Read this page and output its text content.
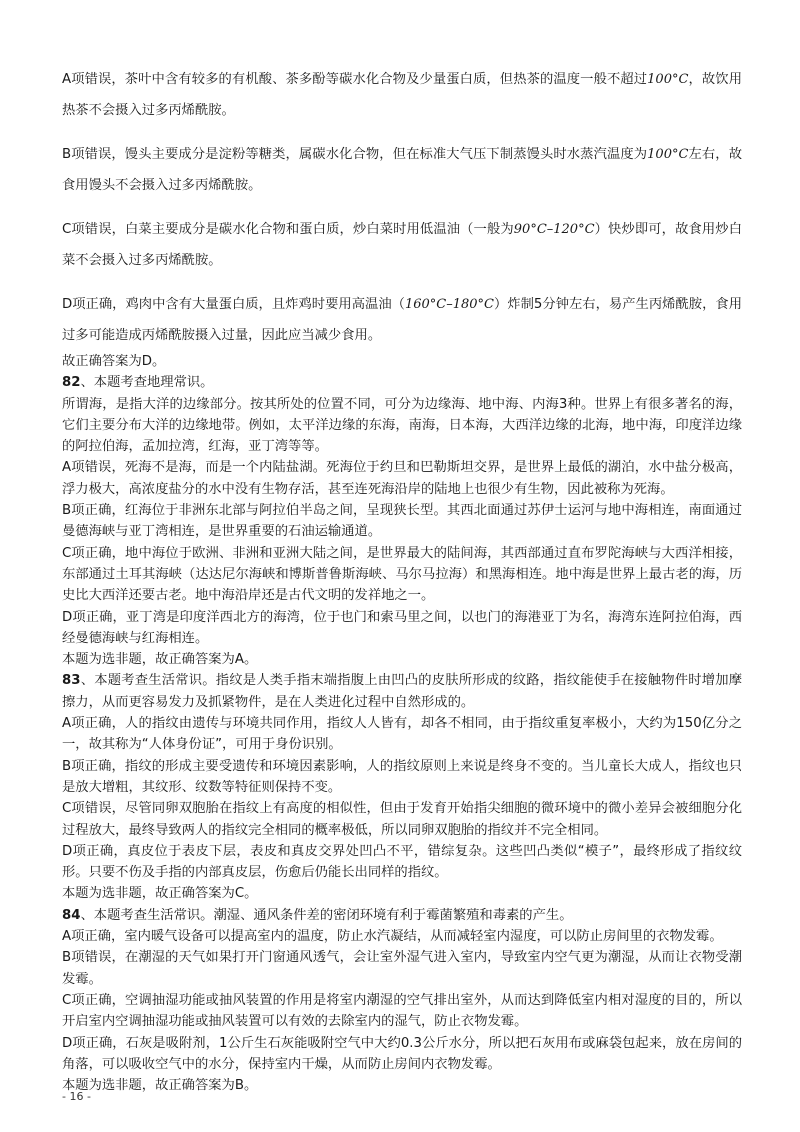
A项错误，茶叶中含有较多的有机酸、茶多酚等碳水化合物及少量蛋白质，但热茶的温度一般不超过100°C，故饮用热茶不会摄入过多丙烯酰胺。

B项错误，馒头主要成分是淀粉等糖类，属碳水化合物，但在标准大气压下制蒸馒头时水蒸汽温度为100°C左右，故食用馒头不会摄入过多丙烯酰胺。

C项错误，白菜主要成分是碳水化合物和蛋白质，炒白菜时用低温油（一般为90°C–120°C）快炒即可，故食用炒白菜不会摄入过多丙烯酰胺。

D项正确，鸡肉中含有大量蛋白质，且炸鸡时要用高温油（160°C–180°C）炸制5分钟左右，易产生丙烯酰胺，食用过多可能造成丙烯酰胺摄入过量，因此应当减少食用。

故正确答案为D。

82、本题考查地理常识。

所谓海，是指大洋的边缘部分。按其所处的位置不同，可分为边缘海、地中海、内海3种。世界上有很多著名的海，它们主要分布大洋的边缘地带。例如，太平洋边缘的东海，南海，日本海，大西洋边缘的北海，地中海，印度洋边缘的阿拉伯海，孟加拉湾，红海，亚丁湾等等。

A项错误，死海不是海，而是一个内陆盐湖。死海位于约旦和巴勒斯坦交界，是世界上最低的湖泊，水中盐分极高，浮力极大，高浓度盐分的水中没有生物存活，甚至连死海沿岸的陆地上也很少有生物，因此被称为死海。

B项正确，红海位于非洲东北部与阿拉伯半岛之间，呈现狭长型。其西北面通过苏伊士运河与地中海相连，南面通过曼德海峡与亚丁湾相连，是世界重要的石油运输通道。

C项正确，地中海位于欧洲、非洲和亚洲大陆之间，是世界最大的陆间海，其西部通过直布罗陀海峡与大西洋相接，东部通过土耳其海峡（达达尼尔海峡和博斯普鲁斯海峡、马尔马拉海）和黑海相连。地中海是世界上最古老的海，历史比大西洋还要古老。地中海沿岸还是古代文明的发祥地之一。

D项正确，亚丁湾是印度洋西北方的海湾，位于也门和索马里之间，以也门的海港亚丁为名，海湾东连阿拉伯海，西经曼德海峡与红海相连。

本题为选非题，故正确答案为A。

83、本题考查生活常识。指纹是人类手指末端指腹上由凹凸的皮肤所形成的纹路，指纹能使手在接触物件时增加摩擦力，从而更容易发力及抓紧物件，是在人类进化过程中自然形成的。

A项正确，人的指纹由遗传与环境共同作用，指纹人人皆有，却各不相同，由于指纹重复率极小，大约为150亿分之一，故其称为“人体身份证”，可用于身份识别。

B项正确，指纹的形成主要受遗传和环境因素影响，人的指纹原则上来说是终身不变的。当儿童长大成人，指纹也只是放大增粗，其纹形、纹数等特征则保持不变。

C项错误，尽管同卵双胞胎在指纹上有高度的相似性，但由于发育开始指尖细胞的微环境中的微小差异会被细胞分化过程放大，最终导致两人的指纹完全相同的概率极低，所以同卵双胞胎的指纹并不完全相同。

D项正确，真皮位于表皮下层，表皮和真皮交界处凹凸不平，错综复杂。这些凹凸类似“模子”，最终形成了指纹纹形。只要不伤及手指的内部真皮层，伤愈后仍能长出同样的指纹。

本题为选非题，故正确答案为C。

84、本题考查生活常识。潮湿、通风条件差的密闭环境有利于霉菌繁殖和毒素的产生。

A项正确，室内暖气设备可以提高室内的温度，防止水汽凝结，从而减轻室内湿度，可以防止房间里的衣物发霉。

B项错误，在潮湿的天气如果打开门窗通风透气，会让室外湿气进入室内，导致室内空气更为潮湿，从而让衣物受潮发霉。

C项正确，空调抽湿功能或抽风装置的作用是将室内潮湿的空气排出室外，从而达到降低室内相对湿度的目的，所以开启室内空调抽湿功能或抽风装置可以有效的去除室内的湿气，防止衣物发霉。

D项正确，石灰是吸附剂，1公斤生石灰能吸附空气中大约0.3公斤水分，所以把石灰用布或麻袋包起来，放在房间的角落，可以吸收空气中的水分，保持室内干燥，从而防止房间内衣物发霉。

本题为选非题，故正确答案为B。

- 16 -
